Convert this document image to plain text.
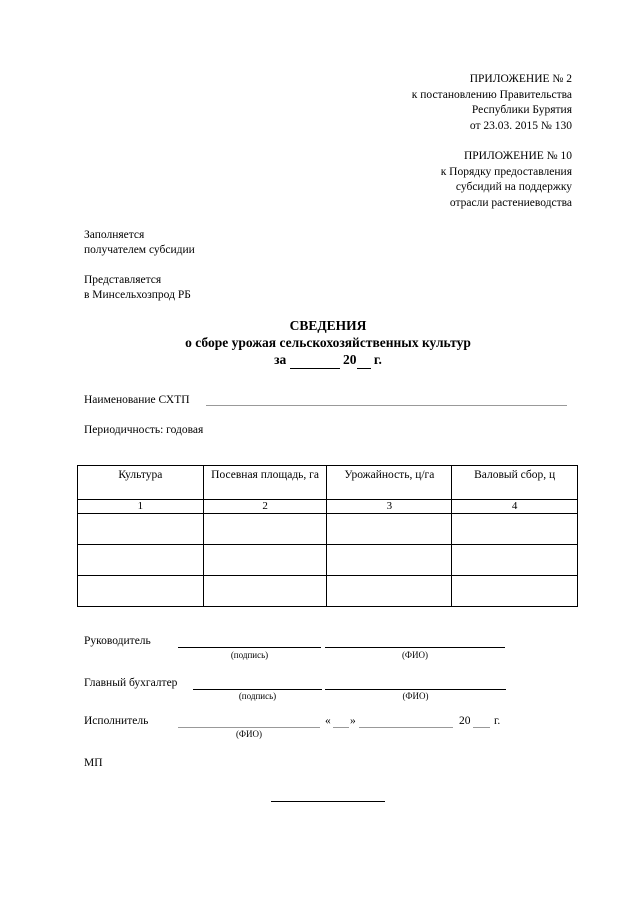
ПРИЛОЖЕНИЕ № 2
к постановлению Правительства
Республики Бурятия
от 23.03. 2015 № 130
ПРИЛОЖЕНИЕ № 10
к Порядку предоставления
субсидий на поддержку
отрасли растениеводства
Заполняется
получателем субсидии
Представляется
в Минсельхозпрод РБ
СВЕДЕНИЯ
о сборе урожая сельскохозяйственных культур
за	20 г.
Наименование СХТП
Периодичность: годовая
Культура	Посевная площадь, га	Урожайность, ц/га	Валовый сбор, ц
1	2	3	4

Руководитель
(подпись)	(ФИО)
Главный бухгалтер
(подпись)	(ФИО)
Исполнитель	« »	20 г.
(ФИО)
МП
